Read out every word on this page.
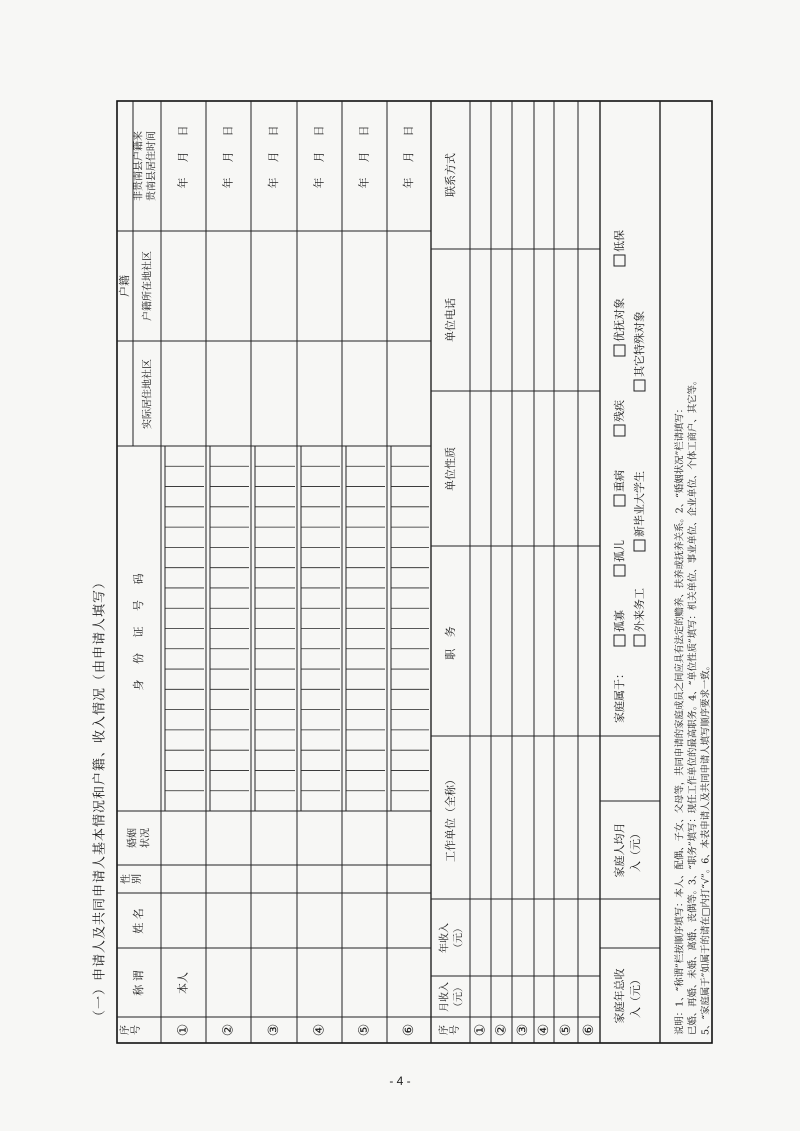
（一）申请人及共同申请人基本情况和户籍、收入情况（由申请人填写）
序号
称 谓
姓 名
性别
婚姻 状况
身 份 证 号 码
户籍
实际居住地社区
户籍所在地社区
非贵南县户籍来 贵南县居住时间
①
本人
年　月　日
②
年　月　日
③
年　月　日
④
年　月　日
⑤
年　月　日
⑥
年　月　日
序号
月收入 （元）
年收入 （元）
工作单位（全称）
职 务
单位性质
单位电话
联系方式
① ② ③ ④ ⑤ ⑥
家庭年总收 入（元）
家庭人均月 入（元）
家庭属于：
孤寡
孤儿
重病
残疾
优抚对象
低保
外来务工
新毕业大学生
其它特殊对象
说明：1、“称谓”栏按顺序填写：本人、配偶、子女、父母等，共同申请的家庭成员之间应具有法定的赡养、扶养或抚养关系。2、“婚姻状况”栏请填写： 已婚、再婚、未婚、离婚、丧偶等。3、“职务”填写：现任工作单位的最高职务。4、“单位性质”填写：机关单位、事业单位、企业单位、个体工商户、其它等。 5、“家庭属于”如属于的请在□内打“√”。6、本表申请人及共同申请人填写顺序要求一致。
- 4 -
